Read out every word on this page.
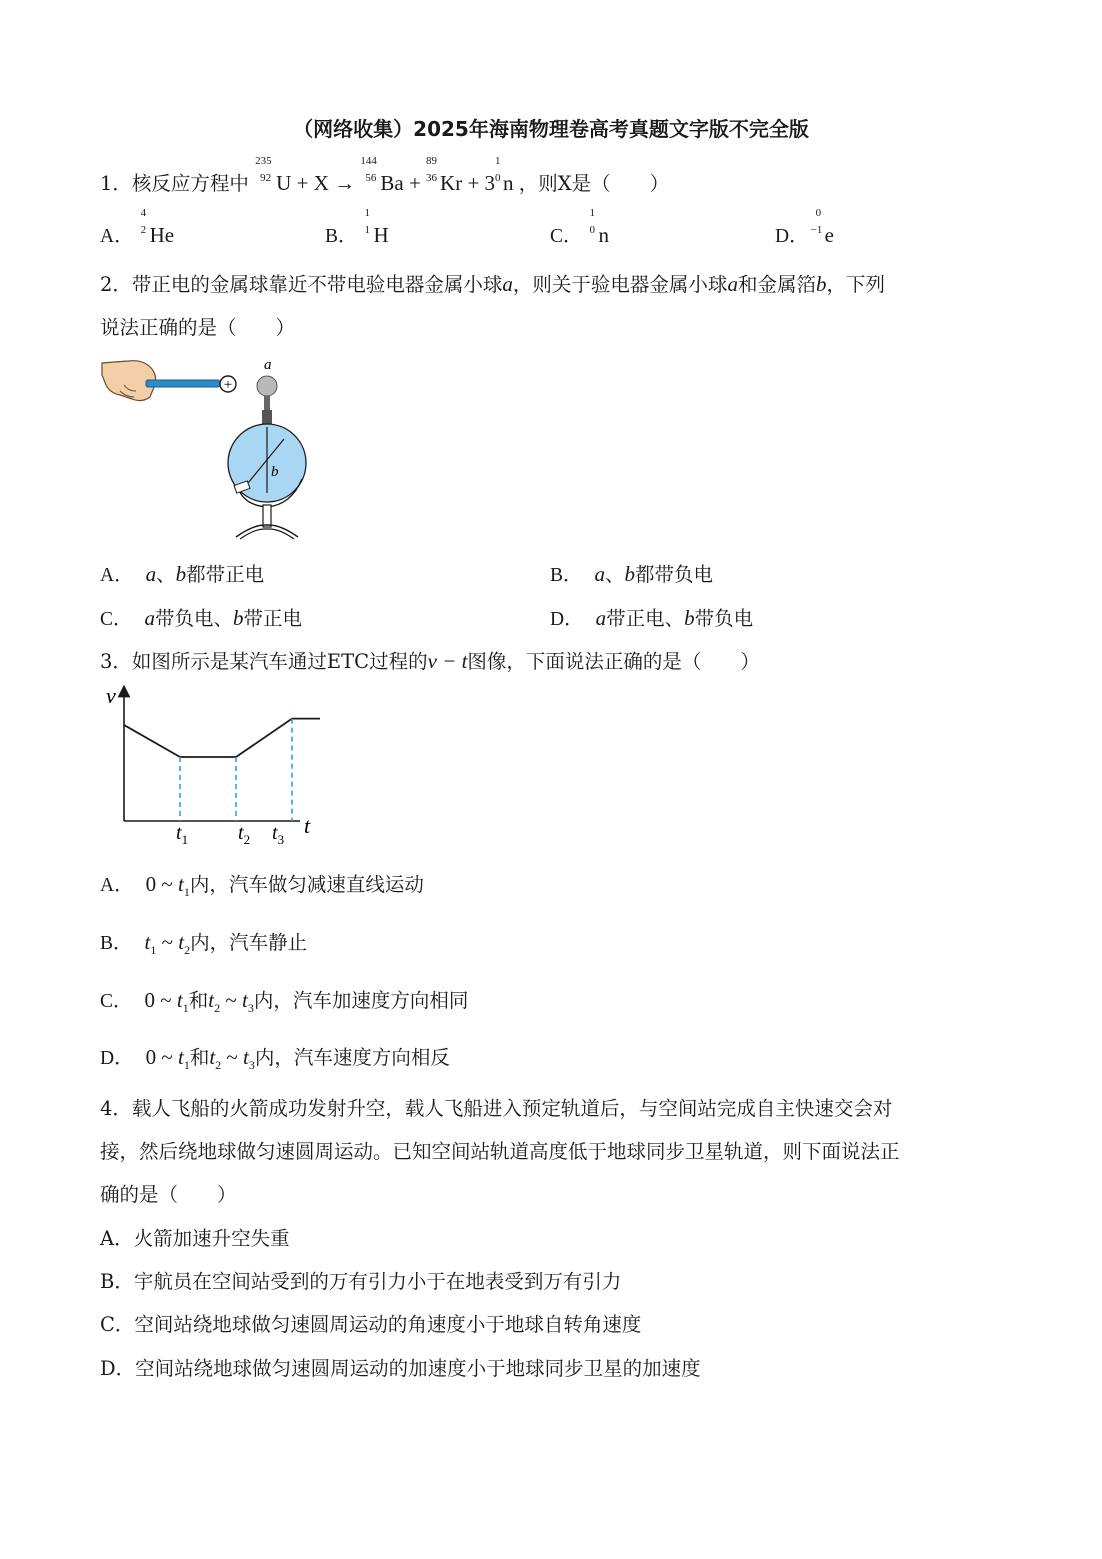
（网络收集）2025年海南物理卷高考真题文字版不完全版
1．核反应方程中
235
92 U + X →
144
56 Ba +
89
36 Kr + 3
1
0 n ，则X是（　　）
A．
4
2 He	B．
1
1 H	C．
1
0 n	D．
0
−1 e
2．带正电的金属球靠近不带电验电器金属小球a，则关于验电器金属小球a和金属箔b，下列
说法正确的是（　　）
+
a
b
A． a、b都带正电	B． a、b都带负电
C． a带负电、b带正电	D． a带正电、b带负电
3．如图所示是某汽车通过ETC过程的v − t图像，下面说法正确的是（　　）
v
t
$t_1$ $t_2$ $t_3$
A． 0 ~ $t_1$内，汽车做匀减速直线运动
B． $t_1$ ~ $t_2$内，汽车静止
C． 0 ~ $t_1$和$t_2$ ~ $t_3$内，汽车加速度方向相同
D． 0 ~ $t_1$和$t_2$ ~ $t_3$内，汽车速度方向相反
4．载人飞船的火箭成功发射升空，载人飞船进入预定轨道后，与空间站完成自主快速交会对
接，然后绕地球做匀速圆周运动。已知空间站轨道高度低于地球同步卫星轨道，则下面说法正
确的是（　　）
A．火箭加速升空失重
B．宇航员在空间站受到的万有引力小于在地表受到万有引力
C．空间站绕地球做匀速圆周运动的角速度小于地球自转角速度
D．空间站绕地球做匀速圆周运动的加速度小于地球同步卫星的加速度
